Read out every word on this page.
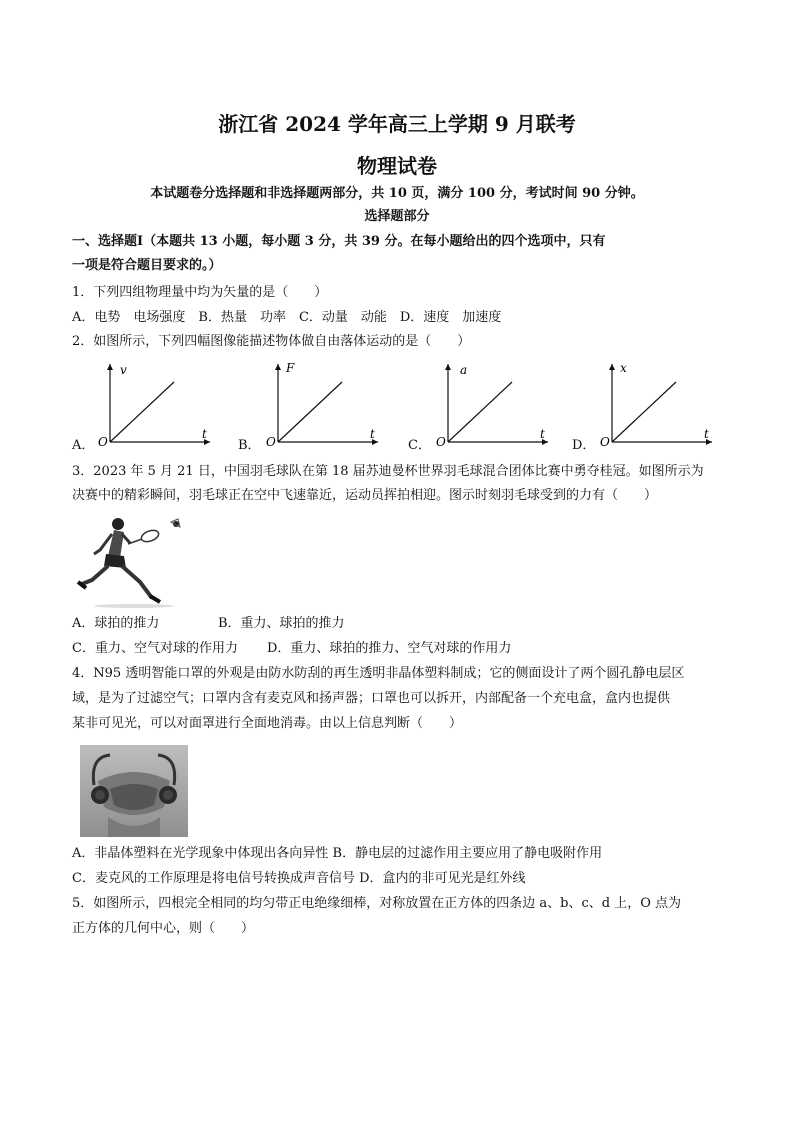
浙江省 2024 学年高三上学期 9 月联考
物理试卷
本试题卷分选择题和非选择题两部分，共 10 页，满分 100 分，考试时间 90 分钟。
选择题部分
一、选择题Ⅰ（本题共 13 小题，每小题 3 分，共 39 分。在每小题给出的四个选项中，只有
一项是符合题目要求的。）
1．下列四组物理量中均为矢量的是（　　）
A．电势　电场强度　B．热量　功率　C．动量　动能　D．速度　加速度
2．如图所示，下列四幅图像能描述物体做自由落体运动的是（　　）
A． O
v
t
B． O
F
t
C． O
a
t
D． O
x
t
3．2023 年 5 月 21 日，中国羽毛球队在第 18 届苏迪曼杯世界羽毛球混合团体比赛中勇夺桂冠。如图所示为
决赛中的精彩瞬间，羽毛球正在空中飞速靠近，运动员挥拍相迎。图示时刻羽毛球受到的力有（　　）
A．球拍的推力	B．重力、球拍的推力
C．重力、空气对球的作用力 D．重力、球拍的推力、空气对球的作用力
4．N95 透明智能口罩的外观是由防水防刮的再生透明非晶体塑料制成；它的侧面设计了两个圆孔静电层区
域，是为了过滤空气；口罩内含有麦克风和扬声器；口罩也可以拆开，内部配备一个充电盒，盒内也提供
某非可见光，可以对面罩进行全面地消毒。由以上信息判断（　　）
A．非晶体塑料在光学现象中体现出各向异性 B．静电层的过滤作用主要应用了静电吸附作用
C．麦克风的工作原理是将电信号转换成声音信号 D．盒内的非可见光是红外线
5．如图所示，四根完全相同的均匀带正电绝缘细棒，对称放置在正方体的四条边 a、b、c、d 上，O 点为
正方体的几何中心，则（　　）
